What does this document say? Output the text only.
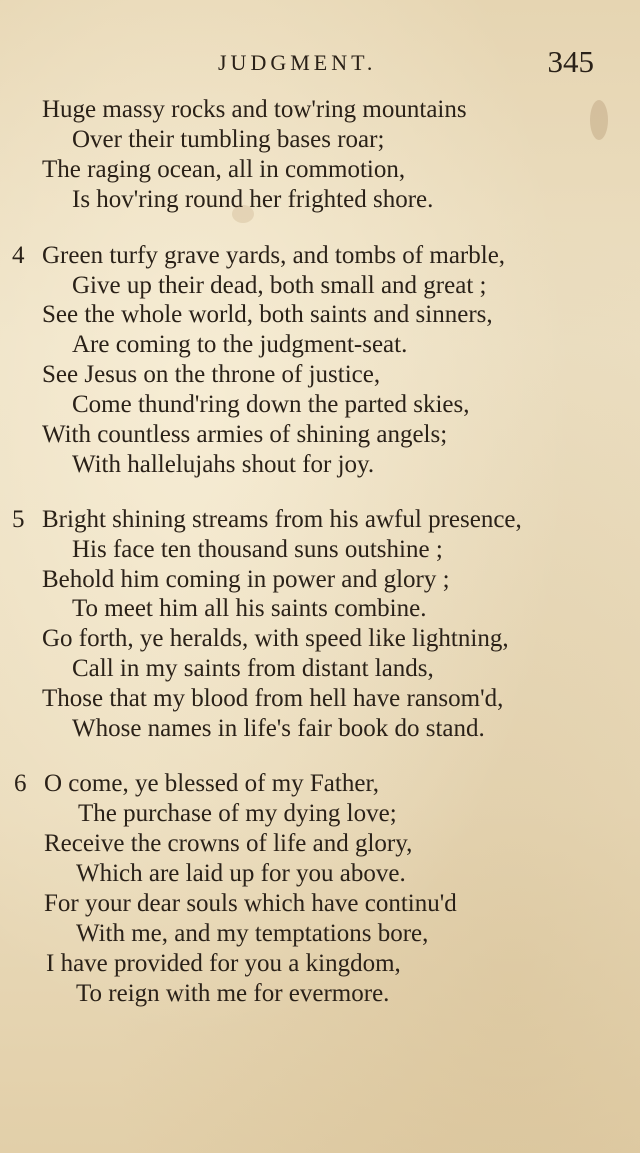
JUDGMENT.	345
Huge massy rocks and tow'ring mountains
Over their tumbling bases roar;
The raging ocean, all in commotion,
Is hov'ring round her frighted shore.
4 Green turfy grave yards, and tombs of marble,
Give up their dead, both small and great ;
See the whole world, both saints and sinners,
Are coming to the judgment-seat.
See Jesus on the throne of justice,
Come thund'ring down the parted skies,
With countless armies of shining angels;
With hallelujahs shout for joy.
5 Bright shining streams from his awful presence,
His face ten thousand suns outshine ;
Behold him coming in power and glory ;
To meet him all his saints combine.
Go forth, ye heralds, with speed like lightning,
Call in my saints from distant lands,
Those that my blood from hell have ransom'd,
Whose names in life's fair book do stand.
6 O come, ye blessed of my Father,
The purchase of my dying love;
Receive the crowns of life and glory,
Which are laid up for you above.
For your dear souls which have continu'd
With me, and my temptations bore,
I have provided for you a kingdom,
To reign with me for evermore.
